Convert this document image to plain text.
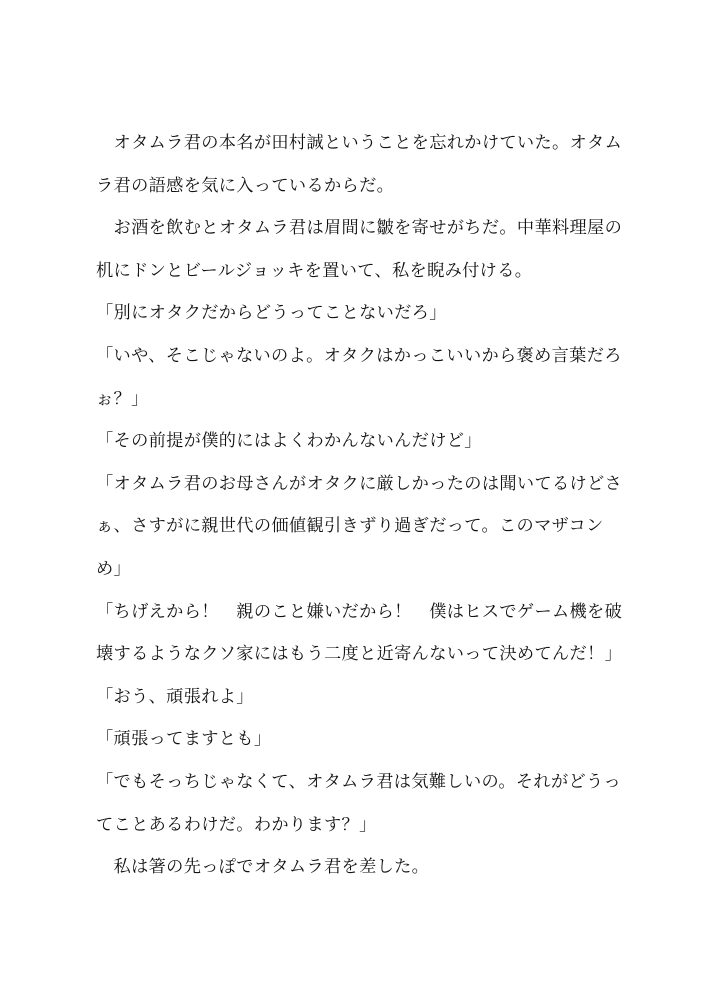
　オタムラ君の本名が田村誠ということを忘れかけていた。オタム
ラ君の語感を気に入っているからだ。
　お酒を飲むとオタムラ君は眉間に皺を寄せがちだ。中華料理屋の
机にドンとビールジョッキを置いて、私を睨み付ける。
「別にオタクだからどうってことないだろ」
「いや、そこじゃないのよ。オタクはかっこいいから褒め言葉だろ
ぉ？」
「その前提が僕的にはよくわかんないんだけど」
「オタムラ君のお母さんがオタクに厳しかったのは聞いてるけどさ
ぁ、さすがに親世代の価値観引きずり過ぎだって。このマザコン
め」
「ちげえから！　親のこと嫌いだから！　僕はヒスでゲーム機を破
壊するようなクソ家にはもう二度と近寄んないって決めてんだ！」
「おう、頑張れよ」
「頑張ってますとも」
「でもそっちじゃなくて、オタムラ君は気難しいの。それがどうっ
てことあるわけだ。わかります？」
　私は箸の先っぽでオタムラ君を差した。
